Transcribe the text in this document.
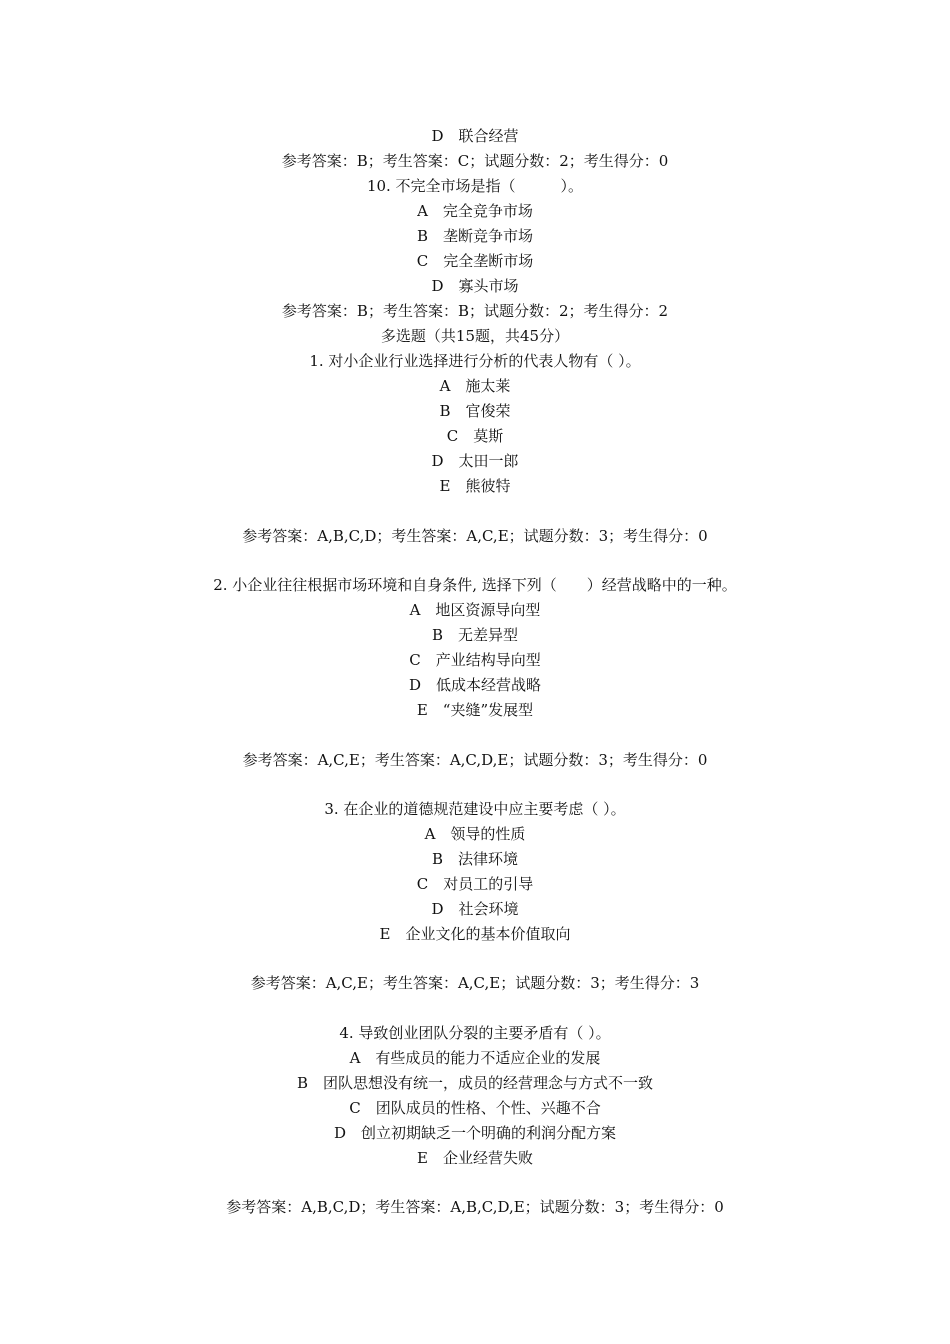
D　联合经营
参考答案：B；考生答案：C；试题分数：2；考生得分：0
10. 不完全市场是指（　　　）。
A　完全竞争市场
B　垄断竞争市场
C　完全垄断市场
D　寡头市场
参考答案：B；考生答案：B；试题分数：2；考生得分：2
多选题（共15题，共45分）
1. 对小企业行业选择进行分析的代表人物有（ ）。
A　施太莱
B　官俊荣
C　莫斯
D　太田一郎
E　熊彼特
参考答案：A,B,C,D；考生答案：A,C,E；试题分数：3；考生得分：0
2. 小企业往往根据市场环境和自身条件, 选择下列（　　）经营战略中的一种。
A　地区资源导向型
B　无差异型
C　产业结构导向型
D　低成本经营战略
E　“夹缝”发展型
参考答案：A,C,E；考生答案：A,C,D,E；试题分数：3；考生得分：0
3. 在企业的道德规范建设中应主要考虑（ ）。
A　领导的性质
B　法律环境
C　对员工的引导
D　社会环境
E　企业文化的基本价值取向
参考答案：A,C,E；考生答案：A,C,E；试题分数：3；考生得分：3
4. 导致创业团队分裂的主要矛盾有（ ）。
A　有些成员的能力不适应企业的发展
B　团队思想没有统一，成员的经营理念与方式不一致
C　团队成员的性格、个性、兴趣不合
D　创立初期缺乏一个明确的利润分配方案
E　企业经营失败
参考答案：A,B,C,D；考生答案：A,B,C,D,E；试题分数：3；考生得分：0
